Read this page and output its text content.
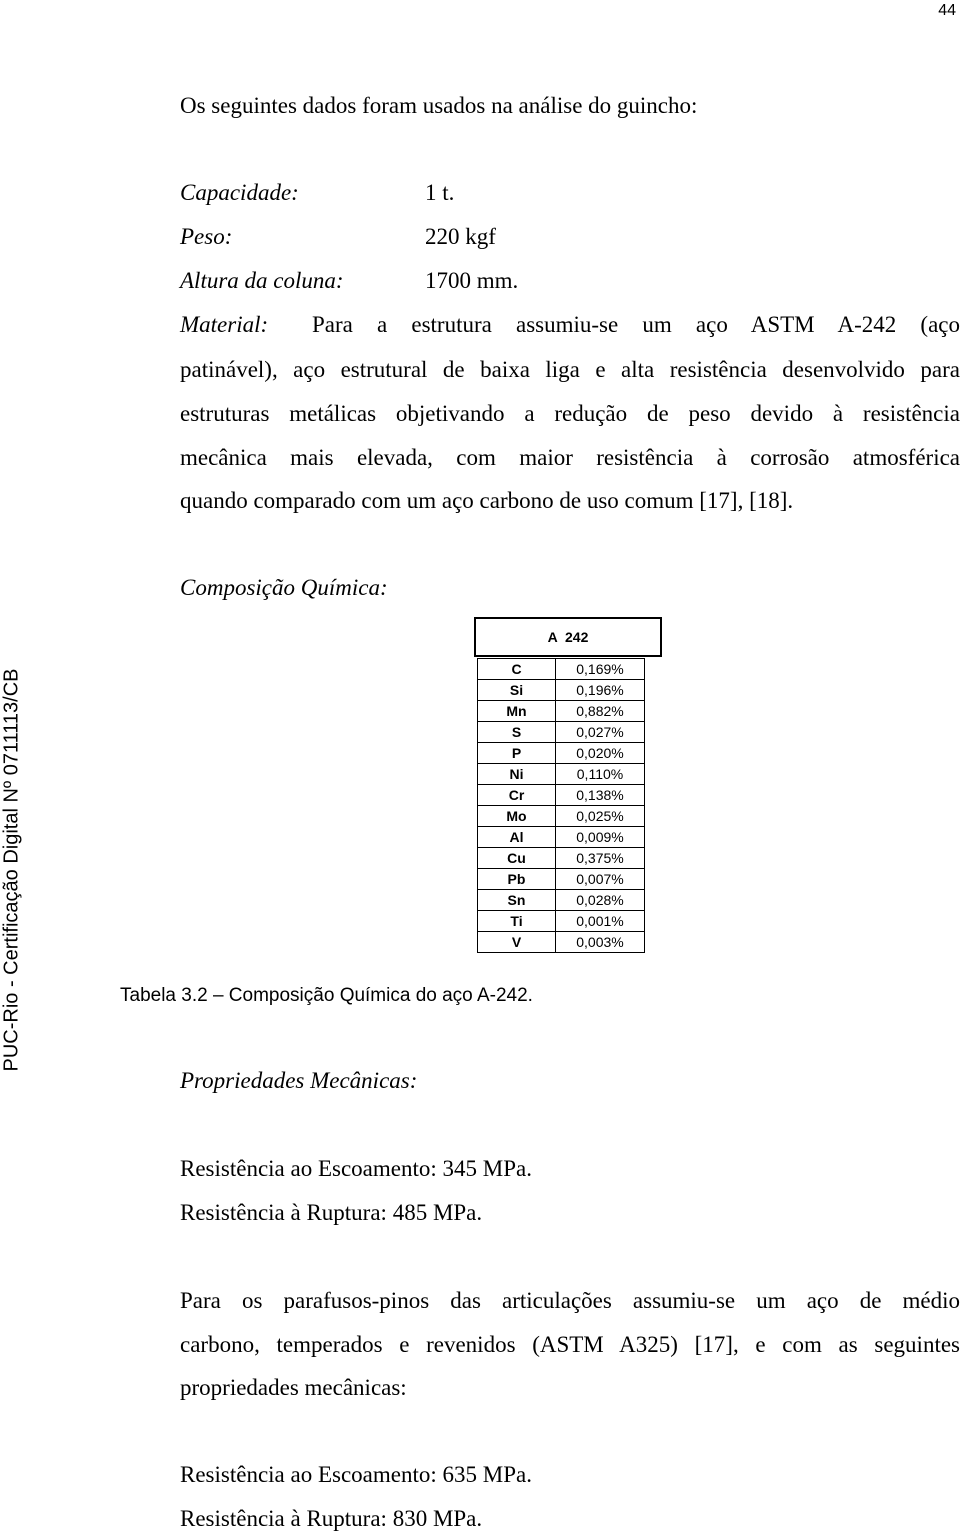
44
PUC-Rio - Certificação Digital Nº 0711113/CB
Os seguintes dados foram usados na análise do guincho:
Capacidade:	1 t.
Peso:	220 kgf
Altura da coluna:	1700 mm.
Material: Para a estrutura assumiu-se um aço ASTM A-242 (aço
patinável), aço estrutural de baixa liga e alta resistência desenvolvido para
estruturas metálicas objetivando a redução de peso devido à resistência
mecânica mais elevada, com maior resistência à corrosão atmosférica
quando comparado com um aço carbono de uso comum [17], [18].
Composição Química:
A  242
C	0,169%
Si	0,196%
Mn	0,882%
S	0,027%
P	0,020%
Ni	0,110%
Cr	0,138%
Mo	0,025%
Al	0,009%
Cu	0,375%
Pb	0,007%
Sn	0,028%
Ti	0,001%
V	0,003%
Tabela 3.2 – Composição Química do aço A-242.
Propriedades Mecânicas:
Resistência ao Escoamento: 345 MPa.
Resistência à Ruptura: 485 MPa.
Para os parafusos-pinos das articulações assumiu-se um aço de médio
carbono, temperados e revenidos (ASTM A325) [17], e com as seguintes
propriedades mecânicas:
Resistência ao Escoamento: 635 MPa.
Resistência à Ruptura: 830 MPa.
